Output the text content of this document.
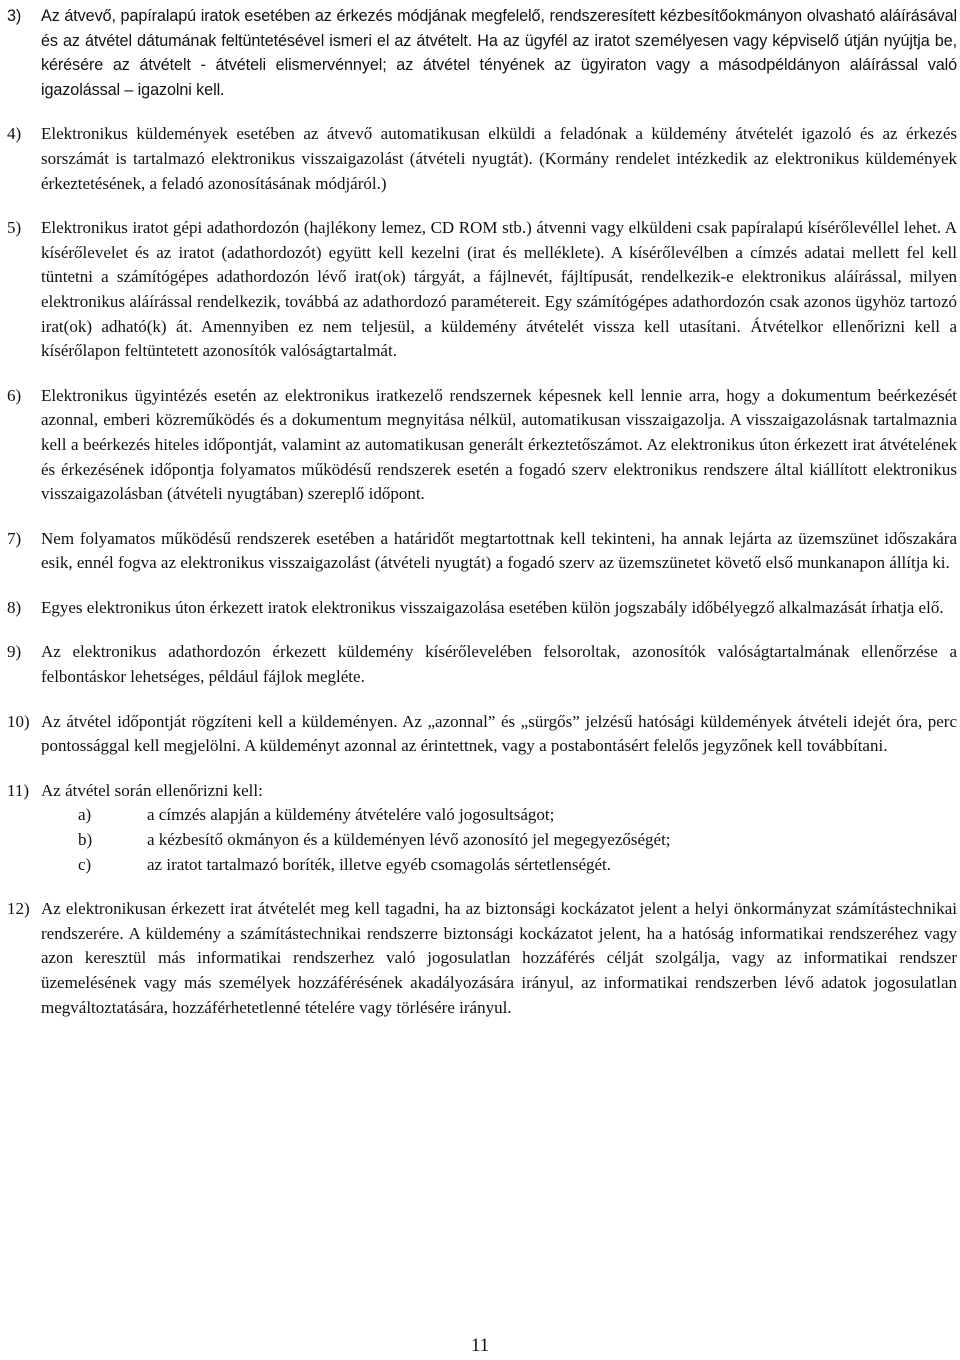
3)	Az átvevő, papíralapú iratok esetében az érkezés módjának megfelelő, rendszeresített kézbesítőokmányon olvasható aláírásával és az átvétel dátumának feltüntetésével ismeri el az átvételt. Ha az ügyfél az iratot személyesen vagy képviselő útján nyújtja be, kérésére az átvételt - átvételi elismervénnyel; az átvétel tényének az ügyiraton vagy a másodpéldányon aláírással való igazolással – igazolni kell.
4)	Elektronikus küldemények esetében az átvevő automatikusan elküldi a feladónak a küldemény átvételét igazoló és az érkezés sorszámát is tartalmazó elektronikus visszaigazolást (átvételi nyugtát). (Kormány rendelet intézkedik az elektronikus küldemények érkeztetésének, a feladó azonosításának módjáról.)
5)	Elektronikus iratot gépi adathordozón (hajlékony lemez, CD ROM stb.) átvenni vagy elküldeni csak papíralapú kísérőlevéllel lehet. A kísérőlevelet és az iratot (adathordozót) együtt kell kezelni (irat és melléklete). A kísérőlevélben a címzés adatai mellett fel kell tüntetni a számítógépes adathordozón lévő irat(ok) tárgyát, a fájlnevét, fájltípusát, rendelkezik-e elektronikus aláírással, milyen elektronikus aláírással rendelkezik, továbbá az adathordozó paramétereit. Egy számítógépes adathordozón csak azonos ügyhöz tartozó irat(ok) adható(k) át. Amennyiben ez nem teljesül, a küldemény átvételét vissza kell utasítani. Átvételkor ellenőrizni kell a kísérőlapon feltüntetett azonosítók valóságtartalmát.
6)	Elektronikus ügyintézés esetén az elektronikus iratkezelő rendszernek képesnek kell lennie arra, hogy a dokumentum beérkezését azonnal, emberi közreműködés és a dokumentum megnyitása nélkül, automatikusan visszaigazolja. A visszaigazolásnak tartalmaznia kell a beérkezés hiteles időpontját, valamint az automatikusan generált érkeztetőszámot. Az elektronikus úton érkezett irat átvételének és érkezésének időpontja folyamatos működésű rendszerek esetén a fogadó szerv elektronikus rendszere által kiállított elektronikus visszaigazolásban (átvételi nyugtában) szereplő időpont.
7)	Nem folyamatos működésű rendszerek esetében a határidőt megtartottnak kell tekinteni, ha annak lejárta az üzemszünet időszakára esik, ennél fogva az elektronikus visszaigazolást (átvételi nyugtát) a fogadó szerv az üzemszünetet követő első munkanapon állítja ki.
8)	Egyes elektronikus úton érkezett iratok elektronikus visszaigazolása esetében külön jogszabály időbélyegző alkalmazását írhatja elő.
9)	Az elektronikus adathordozón érkezett küldemény kísérőlevelében felsoroltak, azonosítók valóságtartalmának ellenőrzése a felbontáskor lehetséges, például fájlok megléte.
10) Az átvétel időpontját rögzíteni kell a küldeményen. Az „azonnal” és „sürgős” jelzésű hatósági küldemények átvételi idejét óra, perc pontossággal kell megjelölni. A küldeményt azonnal az érintettnek, vagy a postabontásért felelős jegyzőnek kell továbbítani.
11) Az átvétel során ellenőrizni kell:
a)	a címzés alapján a küldemény átvételére való jogosultságot;
b)	a kézbesítő okmányon és a küldeményen lévő azonosító jel megegyezőségét;
c)	az iratot tartalmazó boríték, illetve egyéb csomagolás sértetlenségét.
12) Az elektronikusan érkezett irat átvételét meg kell tagadni, ha az biztonsági kockázatot jelent a helyi önkormányzat számítástechnikai rendszerére. A küldemény a számítástechnikai rendszerre biztonsági kockázatot jelent, ha a hatóság informatikai rendszeréhez vagy azon keresztül más informatikai rendszerhez való jogosulatlan hozzáférés célját szolgálja, vagy az informatikai rendszer üzemelésének vagy más személyek hozzáférésének akadályozására irányul, az informatikai rendszerben lévő adatok jogosulatlan megváltoztatására, hozzáférhetetlenné tételére vagy törlésére irányul.
11
